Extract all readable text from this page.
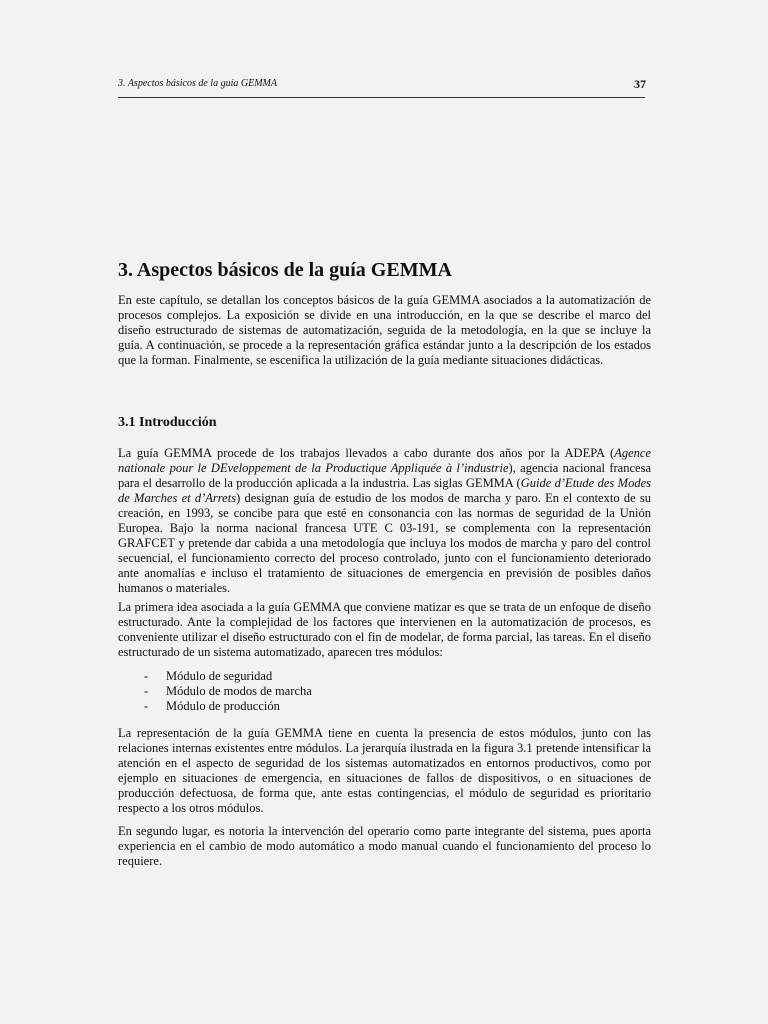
3. Aspectos básicos de la guía GEMMA	37
3. Aspectos básicos de la guía GEMMA

En este capítulo, se detallan los conceptos básicos de la guía GEMMA asociados a la automatización de procesos complejos. La exposición se divide en una introducción, en la que se describe el marco del diseño estructurado de sistemas de automatización, seguida de la metodología, en la que se incluye la guía. A continuación, se procede a la representación gráfica estándar junto a la descripción de los estados que la forman. Finalmente, se escenifica la utilización de la guía mediante situaciones didácticas.

3.1 Introducción

La guía GEMMA procede de los trabajos llevados a cabo durante dos años por la ADEPA (Agence nationale pour le DEveloppement de la Productique Appliquée à l’industrie), agencia nacional francesa para el desarrollo de la producción aplicada a la industria. Las siglas GEMMA (Guide d’Etude des Modes de Marches et d’Arrets) designan guía de estudio de los modos de marcha y paro. En el contexto de su creación, en 1993, se concibe para que esté en consonancia con las normas de seguridad de la Unión Europea. Bajo la norma nacional francesa UTE C 03-191, se complementa con la representación GRAFCET y pretende dar cabida a una metodología que incluya los modos de marcha y paro del control secuencial, el funcionamiento correcto del proceso controlado, junto con el funcionamiento deteriorado ante anomalías e incluso el tratamiento de situaciones de emergencia en previsión de posibles daños humanos o materiales.

La primera idea asociada a la guía GEMMA que conviene matizar es que se trata de un enfoque de diseño estructurado. Ante la complejidad de los factores que intervienen en la automatización de procesos, es conveniente utilizar el diseño estructurado con el fin de modelar, de forma parcial, las tareas. En el diseño estructurado de un sistema automatizado, aparecen tres módulos:

- Módulo de seguridad
- Módulo de modos de marcha
- Módulo de producción

La representación de la guía GEMMA tiene en cuenta la presencia de estos módulos, junto con las relaciones internas existentes entre módulos. La jerarquía ilustrada en la figura 3.1 pretende intensificar la atención en el aspecto de seguridad de los sistemas automatizados en entornos productivos, como por ejemplo en situaciones de emergencia, en situaciones de fallos de dispositivos, o en situaciones de producción defectuosa, de forma que, ante estas contingencias, el módulo de seguridad es prioritario respecto a los otros módulos.

En segundo lugar, es notoria la intervención del operario como parte integrante del sistema, pues aporta experiencia en el cambio de modo automático a modo manual cuando el funcionamiento del proceso lo requiere.
